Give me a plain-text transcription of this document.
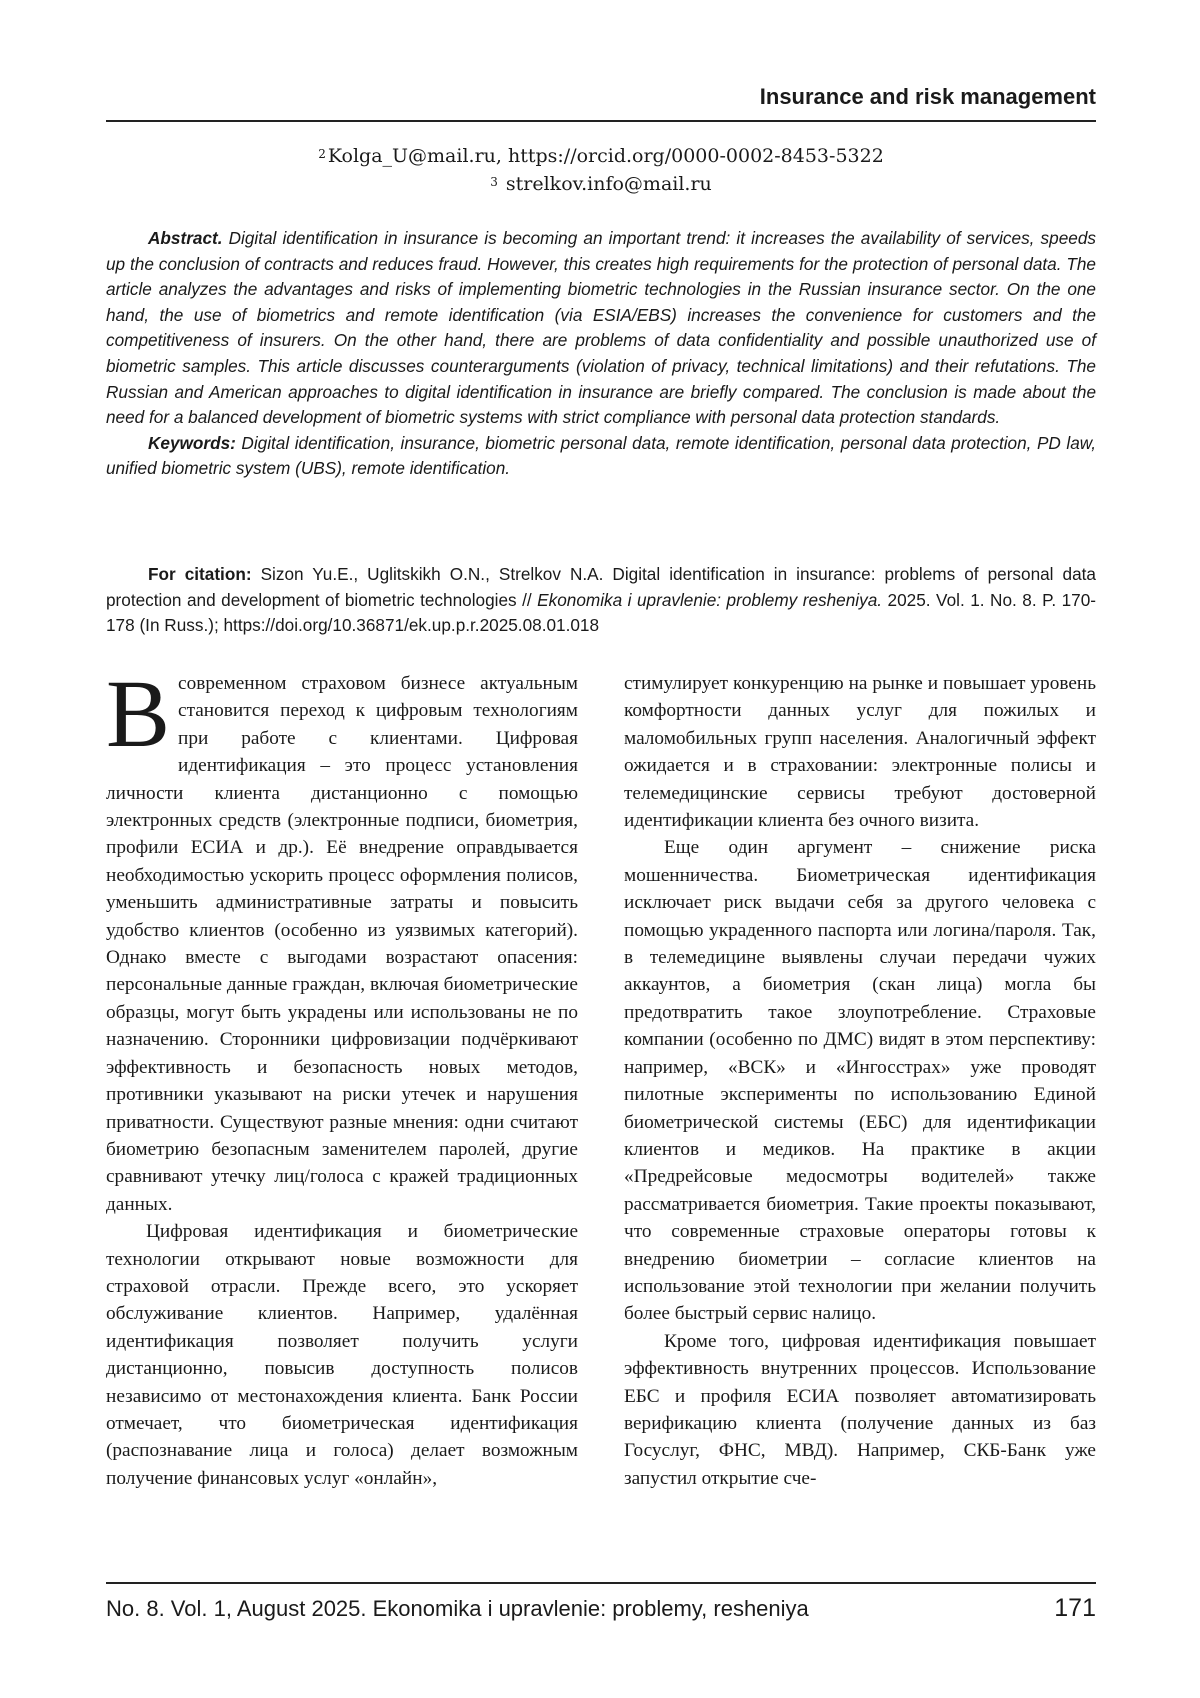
Insurance and risk management
$^2$ Kolga_U@mail.ru, https://orcid.org/0000-0002-8453-5322
$^3$ strelkov.info@mail.ru

Abstract. Digital identification in insurance is becoming an important trend: it increases the availability of services, speeds up the conclusion of contracts and reduces fraud. However, this creates high requirements for the protection of personal data. The article analyzes the advantages and risks of implementing biometric technologies in the Russian insurance sector. On the one hand, the use of biometrics and remote identification (via ESIA/EBS) increases the convenience for customers and the competitiveness of insurers. On the other hand, there are problems of data confidentiality and possible unauthorized use of biometric samples. This article discusses counterarguments (violation of privacy, technical limitations) and their refutations. The Russian and American approaches to digital identification in insurance are briefly compared. The conclusion is made about the need for a balanced development of biometric systems with strict compliance with personal data protection standards.

Keywords: Digital identification, insurance, biometric personal data, remote identification, personal data protection, PD law, unified biometric system (UBS), remote identification.

For citation: Sizon Yu.E., Uglitskikh O.N., Strelkov N.A. Digital identification in insurance: problems of personal data protection and development of biometric technologies // Ekonomika i upravlenie: problemy resheniya. 2025. Vol. 1. No. 8. P. 170-178 (In Russ.); https://doi.org/10.36871/ek.up.p.r.2025.08.01.018

Всовременном страховом бизнесе актуальным становится переход к цифровым технологиям при работе с клиентами. Цифровая идентификация – это процесс установления личности клиента дистанционно с помощью электронных средств (электронные подписи, биометрия, профили ЕСИА и др.). Её внедрение оправдывается необходимостью ускорить процесс оформления полисов, уменьшить административные затраты и повысить удобство клиентов (особенно из уязвимых категорий). Однако вместе с выгодами возрастают опасения: персональные данные граждан, включая биометрические образцы, могут быть украдены или использованы не по назначению. Сторонники цифровизации подчёркивают эффективность и безопасность новых методов, противники указывают на риски утечек и нарушения приватности. Существуют разные мнения: одни считают биометрию безопасным заменителем паролей, другие сравнивают утечку лиц/голоса с кражей традиционных данных.

Цифровая идентификация и биометрические технологии открывают новые возможности для страховой отрасли. Прежде всего, это ускоряет обслуживание клиентов. Например, удалённая идентификация позволяет получить услуги дистанционно, повысив доступность полисов независимо от местонахождения клиента. Банк России отмечает, что биометрическая идентификация (распознавание лица и голоса) делает возможным получение финансовых услуг «онлайн»,

стимулирует конкуренцию на рынке и повышает уровень комфортности данных услуг для пожилых и маломобильных групп населения. Аналогичный эффект ожидается и в страховании: электронные полисы и телемедицинские сервисы требуют достоверной идентификации клиента без очного визита.

Еще один аргумент – снижение риска мошенничества. Биометрическая идентификация исключает риск выдачи себя за другого человека с помощью украденного паспорта или логина/пароля. Так, в телемедицине выявлены случаи передачи чужих аккаунтов, а биометрия (скан лица) могла бы предотвратить такое злоупотребление. Страховые компании (особенно по ДМС) видят в этом перспективу: например, «ВСК» и «Ингосстрах» уже проводят пилотные эксперименты по использованию Единой биометрической системы (ЕБС) для идентификации клиентов и медиков. На практике в акции «Предрейсовые медосмотры водителей» также рассматривается биометрия. Такие проекты показывают, что современные страховые операторы готовы к внедрению биометрии – согласие клиентов на использование этой технологии при желании получить более быстрый сервис налицо.

Кроме того, цифровая идентификация повышает эффективность внутренних процессов. Использование ЕБС и профиля ЕСИА позволяет автоматизировать верификацию клиента (получение данных из баз Госуслуг, ФНС, МВД). Например, СКБ-Банк уже запустил открытие сче-

No. 8. Vol. 1, August 2025. Ekonomika i upravlenie: problemy, resheniya	171
